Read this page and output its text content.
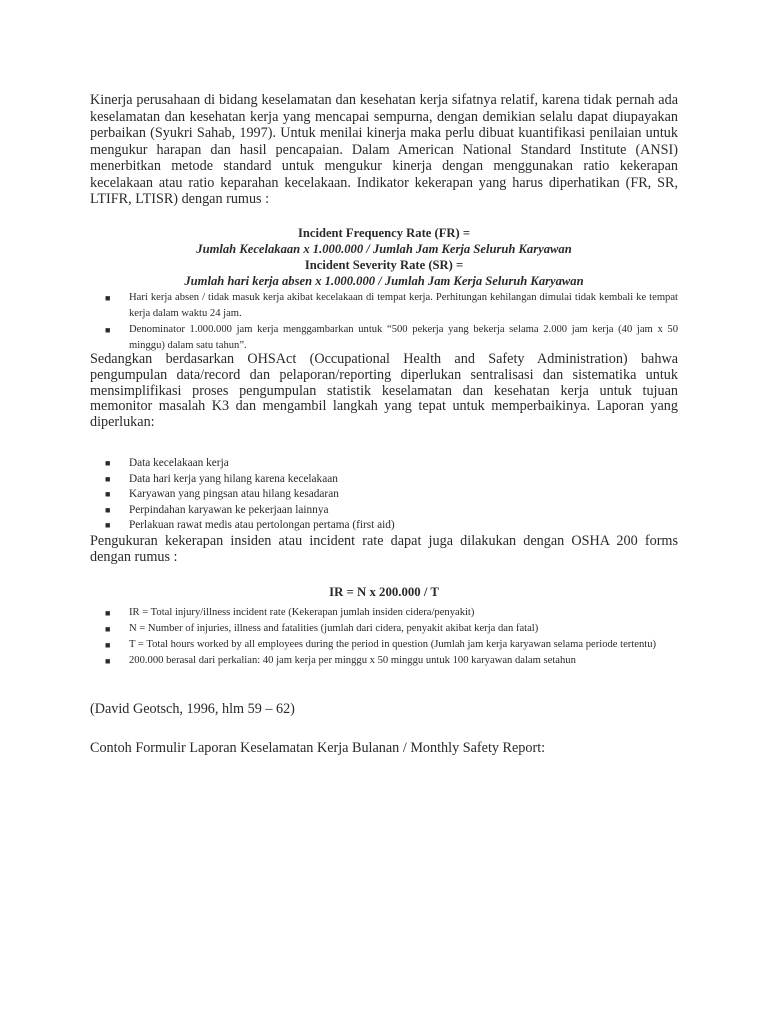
Kinerja perusahaan di bidang keselamatan dan kesehatan kerja sifatnya relatif, karena tidak pernah ada keselamatan dan kesehatan kerja yang mencapai sempurna, dengan demikian selalu dapat diupayakan perbaikan (Syukri Sahab, 1997). Untuk menilai kinerja maka perlu dibuat kuantifikasi penilaian untuk mengukur harapan dan hasil pencapaian. Dalam American National Standard Institute (ANSI) menerbitkan metode standard untuk mengukur kinerja dengan menggunakan ratio kekerapan kecelakaan atau ratio keparahan kecelakaan. Indikator kekerapan yang harus diperhatikan (FR, SR, LTIFR, LTISR) dengan rumus :

Incident Frequency Rate (FR) =

Jumlah Kecelakaan x 1.000.000 / Jumlah Jam Kerja Seluruh Karyawan

Incident Severity Rate (SR) =

Jumlah hari kerja absen x 1.000.000 / Jumlah Jam Kerja Seluruh Karyawan

■ Hari kerja absen / tidak masuk kerja akibat kecelakaan di tempat kerja. Perhitungan kehilangan dimulai tidak kembali ke tempat kerja dalam waktu 24 jam.
■ Denominator 1.000.000 jam kerja menggambarkan untuk “500 pekerja yang bekerja selama 2.000 jam kerja (40 jam x 50 minggu) dalam satu tahun”.

Sedangkan berdasarkan OHSAct (Occupational Health and Safety Administration) bahwa pengumpulan data/record dan pelaporan/reporting diperlukan sentralisasi dan sistematika untuk mensimplifikasi proses pengumpulan statistik keselamatan dan kesehatan kerja untuk tujuan memonitor masalah K3 dan mengambil langkah yang tepat untuk memperbaikinya. Laporan yang diperlukan:

■ Data kecelakaan kerja
■ Data hari kerja yang hilang karena kecelakaan
■ Karyawan yang pingsan atau hilang kesadaran
■ Perpindahan karyawan ke pekerjaan lainnya
■ Perlakuan rawat medis atau pertolongan pertama (first aid)

Pengukuran kekerapan insiden atau incident rate dapat juga dilakukan dengan OSHA 200 forms dengan rumus :

IR = N x 200.000 / T

■ IR = Total injury/illness incident rate (Kekerapan jumlah insiden cidera/penyakit)
■ N = Number of injuries, illness and fatalities (jumlah dari cidera, penyakit akibat kerja dan fatal)
■ T = Total hours worked by all employees during the period in question (Jumlah jam kerja karyawan selama periode tertentu)
■ 200.000 berasal dari perkalian: 40 jam kerja per minggu x 50 minggu untuk 100 karyawan dalam setahun

(David Geotsch, 1996, hlm 59 – 62)

Contoh Formulir Laporan Keselamatan Kerja Bulanan / Monthly Safety Report:
